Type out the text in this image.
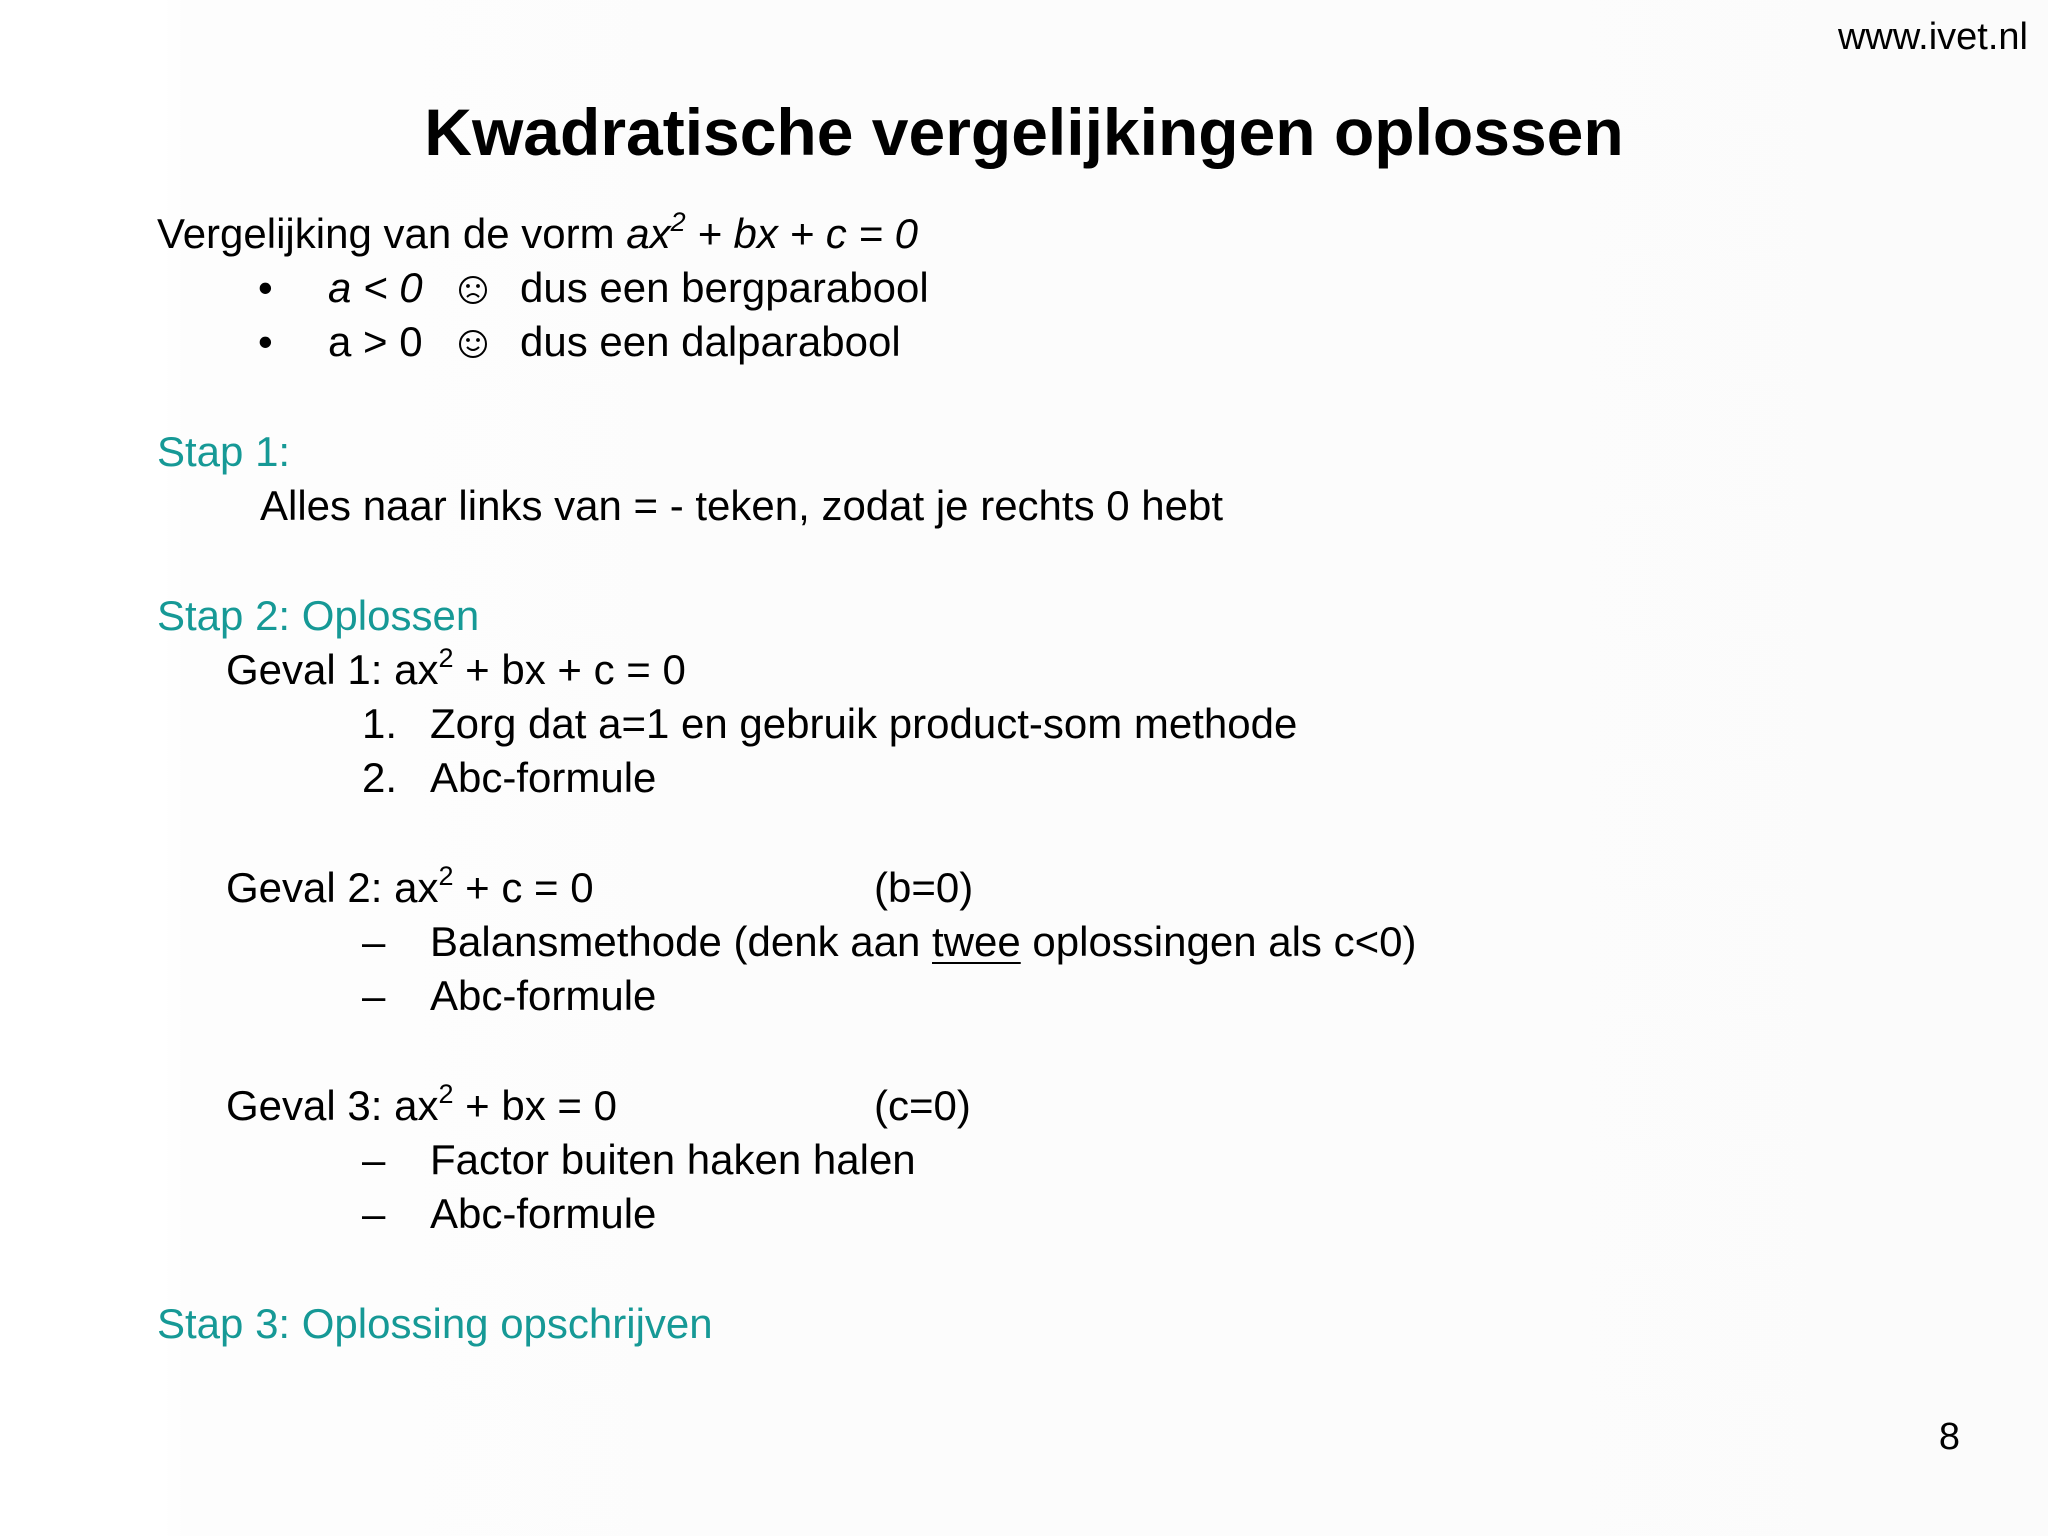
www.ivet.nl
Kwadratische vergelijkingen oplossen
Vergelijking van de vorm $ax^2$ + bx + c = 0
• a < 0 dus een bergparabool
• a > 0 dus een dalparabool
Stap 1:
Alles naar links van = - teken, zodat je rechts 0 hebt
Stap 2: Oplossen
Geval 1: $ax^2$ + bx + c = 0
1. Zorg dat a=1 en gebruik product-som methode
2. Abc-formule
Geval 2: $ax^2 + c = 0$	(b=0)
– Balansmethode (denk aan twee oplossingen als c<0)
– Abc-formule
Geval 3: $ax^2$ + bx = 0	(c=0)
– Factor buiten haken halen
– Abc-formule
Stap 3: Oplossing opschrijven
8
